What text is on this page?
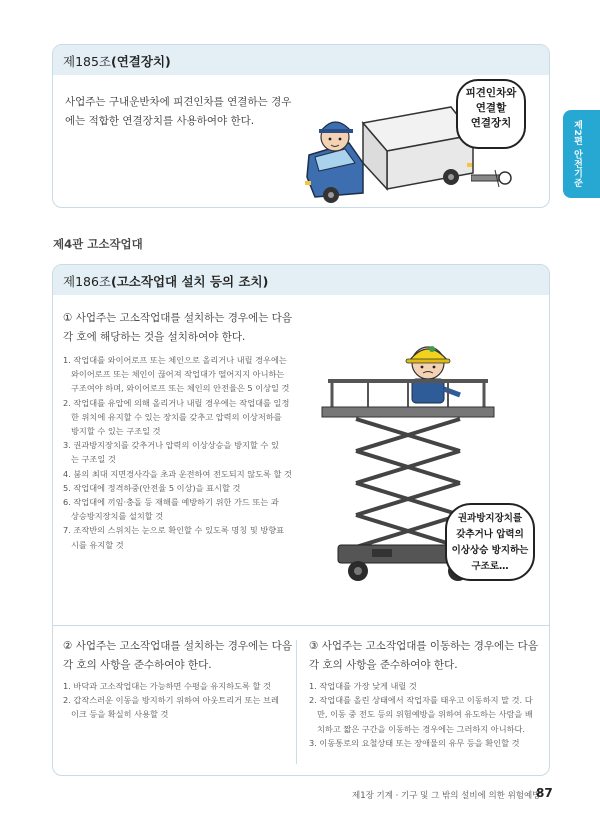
제185조(연결장치)
사업주는 구내운반차에 피견인차를 연결하는 경우에는 적합한 연결장치를 사용하여야 한다.
피견인차와
연결할
연결장치	제2편 안전기준
제4관 고소작업대
제186조(고소작업대 설치 등의 조치)
① 사업주는 고소작업대를 설치하는 경우에는 다음 각 호에 해당하는 것을 설치하여야 한다.
1. 작업대를 와이어로프 또는 체인으로 올리거나 내릴 경우에는
와이어로프 또는 체인이 끊어져 작업대가 떨어지지 아니하는
구조여야 하며, 와이어로프 또는 체인의 안전율은 5 이상일 것
2. 작업대를 유압에 의해 올리거나 내릴 경우에는 작업대를 일정
한 위치에 유지할 수 있는 장치를 갖추고 압력의 이상저하를
방지할 수 있는 구조일 것
3. 권과방지장치를 갖추거나 압력의 이상상승을 방지할 수 있
는 구조일 것
4. 붐의 최대 지면경사각을 초과 운전하여 전도되지 않도록 할 것
5. 작업대에 정격하중(안전율 5 이상)을 표시할 것
6. 작업대에 끼임·충돌 등 재해를 예방하기 위한 가드 또는 과
상승방지장치를 설치할 것
7. 조작반의 스위치는 눈으로 확인할 수 있도록 명칭 및 방향표
시를 유지할 것
권과방지장치를
갖추거나 압력의
이상상승 방지하는
구조로…
② 사업주는 고소작업대를 설치하는 경우에는 다음 각 호의 사항을 준수하여야 한다.
1. 바닥과 고소작업대는 가능하면 수평을 유지하도록 할 것
2. 갑작스러운 이동을 방지하기 위하여 아웃트리거 또는 브레
이크 등을 확실히 사용할 것
③ 사업주는 고소작업대를 이동하는 경우에는 다음 각 호의 사항을 준수하여야 한다.
1. 작업대를 가장 낮게 내릴 것
2. 작업대를 올린 상태에서 작업자를 태우고 이동하지 말 것. 다
만, 이동 중 전도 등의 위험예방을 위하여 유도하는 사람을 배
치하고 짧은 구간을 이동하는 경우에는 그러하지 아니하다.
3. 이동통로의 요철상태 또는 장애물의 유무 등을 확인할 것
제1장 기계 · 기구 및 그 밖의 설비에 의한 위험예방
87
